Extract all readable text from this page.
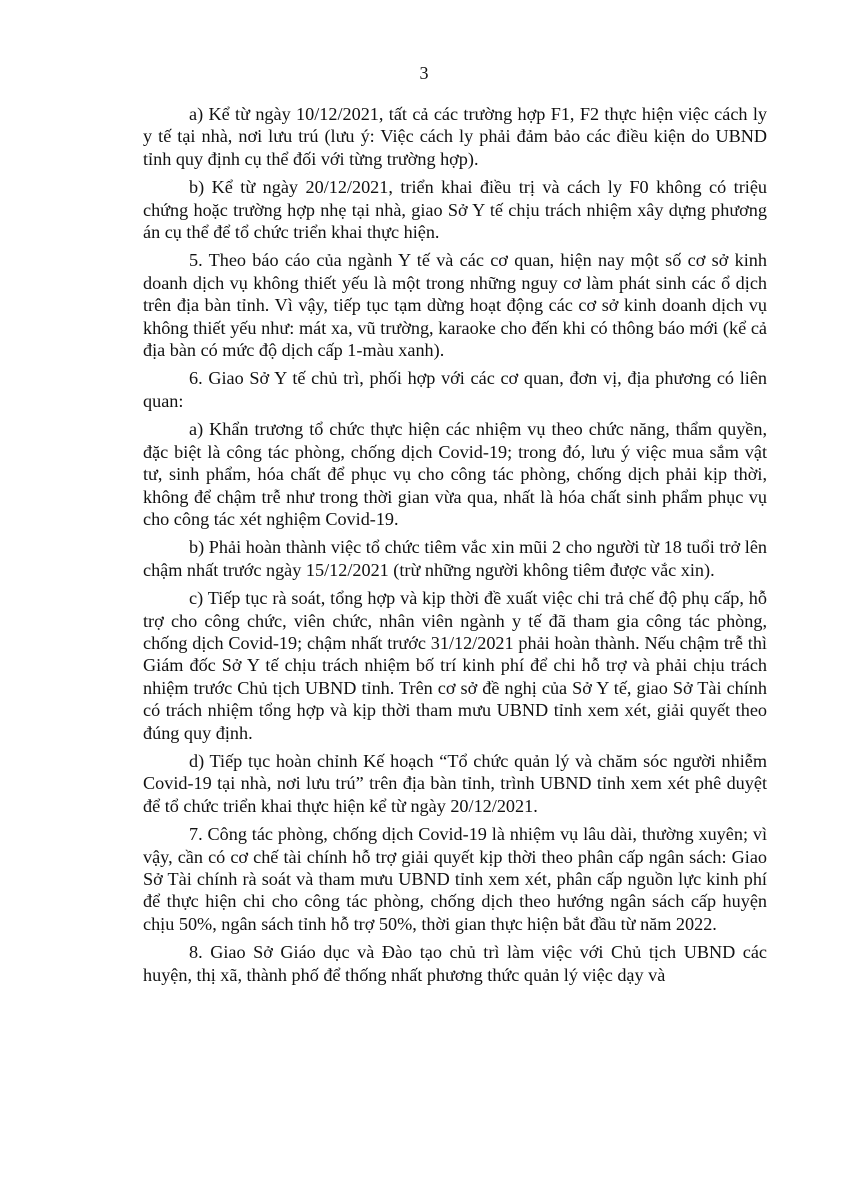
3

a) Kể từ ngày 10/12/2021, tất cả các trường hợp F1, F2 thực hiện việc cách ly y tế tại nhà, nơi lưu trú (lưu ý: Việc cách ly phải đảm bảo các điều kiện do UBND tỉnh quy định cụ thể đối với từng trường hợp).

b) Kể từ ngày 20/12/2021, triển khai điều trị và cách ly F0 không có triệu chứng hoặc trường hợp nhẹ tại nhà, giao Sở Y tế chịu trách nhiệm xây dựng phương án cụ thể để tổ chức triển khai thực hiện.

5. Theo báo cáo của ngành Y tế và các cơ quan, hiện nay một số cơ sở kinh doanh dịch vụ không thiết yếu là một trong những nguy cơ làm phát sinh các ổ dịch trên địa bàn tỉnh. Vì vậy, tiếp tục tạm dừng hoạt động các cơ sở kinh doanh dịch vụ không thiết yếu như: mát xa, vũ trường, karaoke cho đến khi có thông báo mới (kể cả địa bàn có mức độ dịch cấp 1-màu xanh).

6. Giao Sở Y tế chủ trì, phối hợp với các cơ quan, đơn vị, địa phương có liên quan:

a) Khẩn trương tổ chức thực hiện các nhiệm vụ theo chức năng, thẩm quyền, đặc biệt là công tác phòng, chống dịch Covid-19; trong đó, lưu ý việc mua sắm vật tư, sinh phẩm, hóa chất để phục vụ cho công tác phòng, chống dịch phải kịp thời, không để chậm trễ như trong thời gian vừa qua, nhất là hóa chất sinh phẩm phục vụ cho công tác xét nghiệm Covid-19.

b) Phải hoàn thành việc tổ chức tiêm vắc xin mũi 2 cho người từ 18 tuổi trở lên chậm nhất trước ngày 15/12/2021 (trừ những người không tiêm được vắc xin).

c) Tiếp tục rà soát, tổng hợp và kịp thời đề xuất việc chi trả chế độ phụ cấp, hỗ trợ cho công chức, viên chức, nhân viên ngành y tế đã tham gia công tác phòng, chống dịch Covid-19; chậm nhất trước 31/12/2021 phải hoàn thành. Nếu chậm trễ thì Giám đốc Sở Y tế chịu trách nhiệm bố trí kinh phí để chi hỗ trợ và phải chịu trách nhiệm trước Chủ tịch UBND tỉnh. Trên cơ sở đề nghị của Sở Y tế, giao Sở Tài chính có trách nhiệm tổng hợp và kịp thời tham mưu UBND tỉnh xem xét, giải quyết theo đúng quy định.

d) Tiếp tục hoàn chỉnh Kế hoạch “Tổ chức quản lý và chăm sóc người nhiễm Covid-19 tại nhà, nơi lưu trú” trên địa bàn tỉnh, trình UBND tỉnh xem xét phê duyệt để tổ chức triển khai thực hiện kể từ ngày 20/12/2021.

7. Công tác phòng, chống dịch Covid-19 là nhiệm vụ lâu dài, thường xuyên; vì vậy, cần có cơ chế tài chính hỗ trợ giải quyết kịp thời theo phân cấp ngân sách: Giao Sở Tài chính rà soát và tham mưu UBND tỉnh xem xét, phân cấp nguồn lực kinh phí để thực hiện chi cho công tác phòng, chống dịch theo hướng ngân sách cấp huyện chịu 50%, ngân sách tỉnh hỗ trợ 50%, thời gian thực hiện bắt đầu từ năm 2022.

8. Giao Sở Giáo dục và Đào tạo chủ trì làm việc với Chủ tịch UBND các huyện, thị xã, thành phố để thống nhất phương thức quản lý việc dạy và
